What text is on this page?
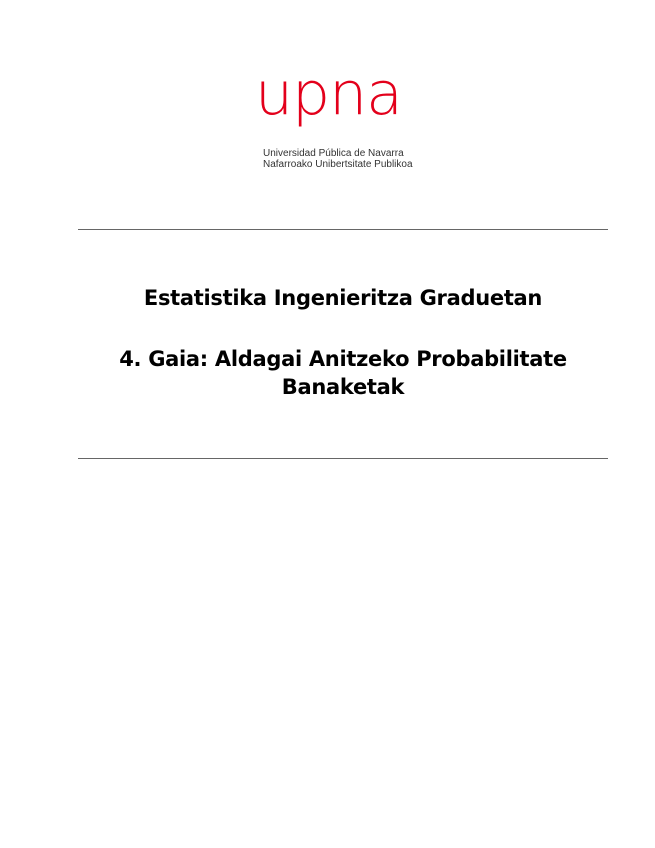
upna
Universidad Pública de Navarra
Nafarroako Unibertsitate Publikoa
Estatistika Ingenieritza Graduetan
4. Gaia: Aldagai Anitzeko Probabilitate
Banaketak
